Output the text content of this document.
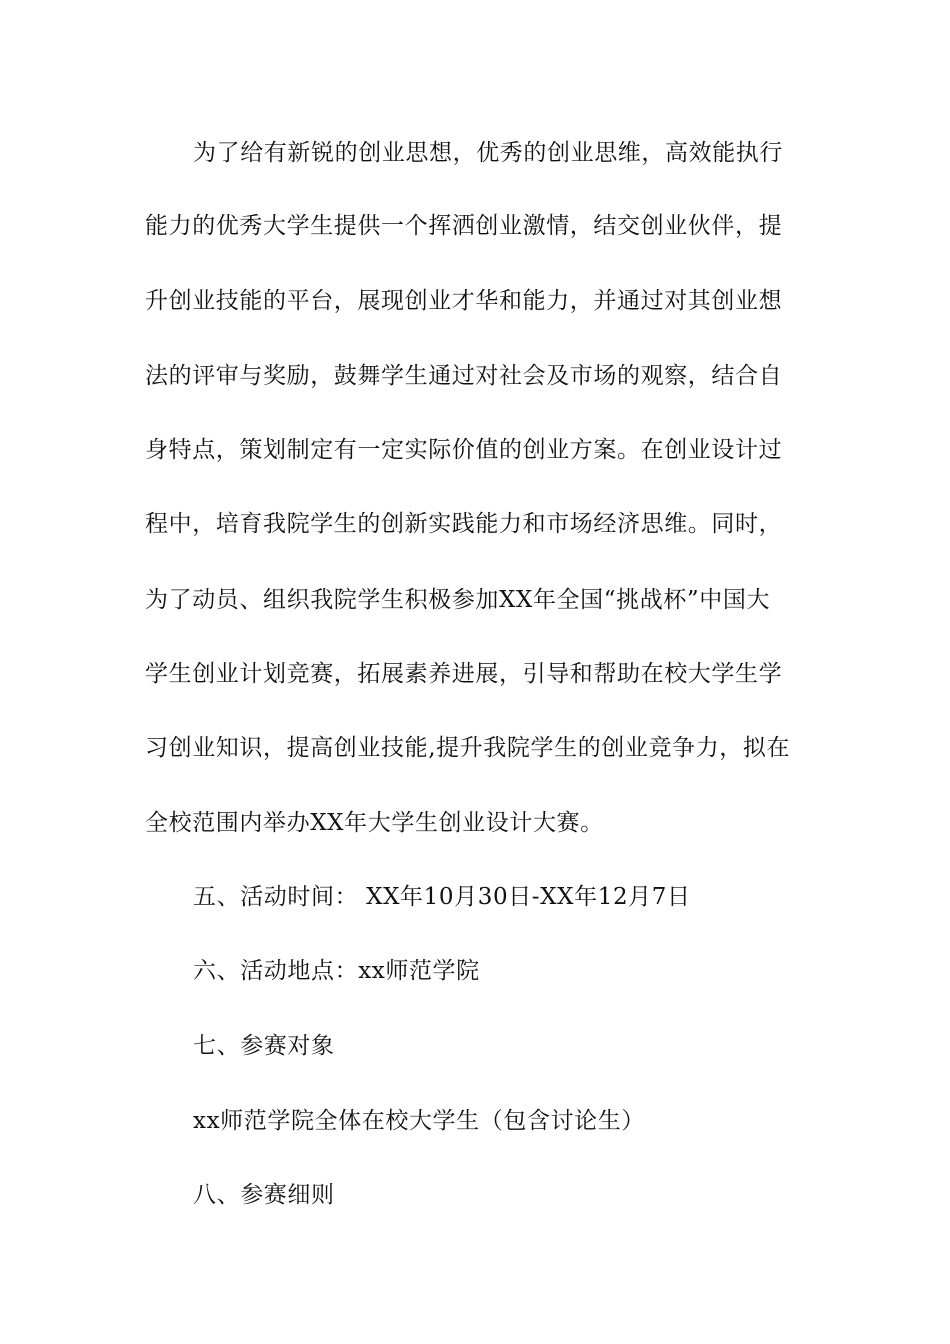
为了给有新锐的创业思想，优秀的创业思维，高效能执行
能力的优秀大学生提供一个挥洒创业激情，结交创业伙伴，提
升创业技能的平台，展现创业才华和能力，并通过对其创业想
法的评审与奖励，鼓舞学生通过对社会及市场的观察，结合自
身特点，策划制定有一定实际价值的创业方案。在创业设计过
程中，培育我院学生的创新实践能力和市场经济思维。同时，
为了动员、组织我院学生积极参加XX年全国“挑战杯”中国大
学生创业计划竞赛，拓展素养进展，引导和帮助在校大学生学
习创业知识，提高创业技能,提升我院学生的创业竞争力，拟在
全校范围内举办XX年大学生创业设计大赛。
五、活动时间： XX年10月30日-XX年12月7日
六、活动地点：xx师范学院
七、参赛对象
xx师范学院全体在校大学生（包含讨论生）
八、参赛细则
